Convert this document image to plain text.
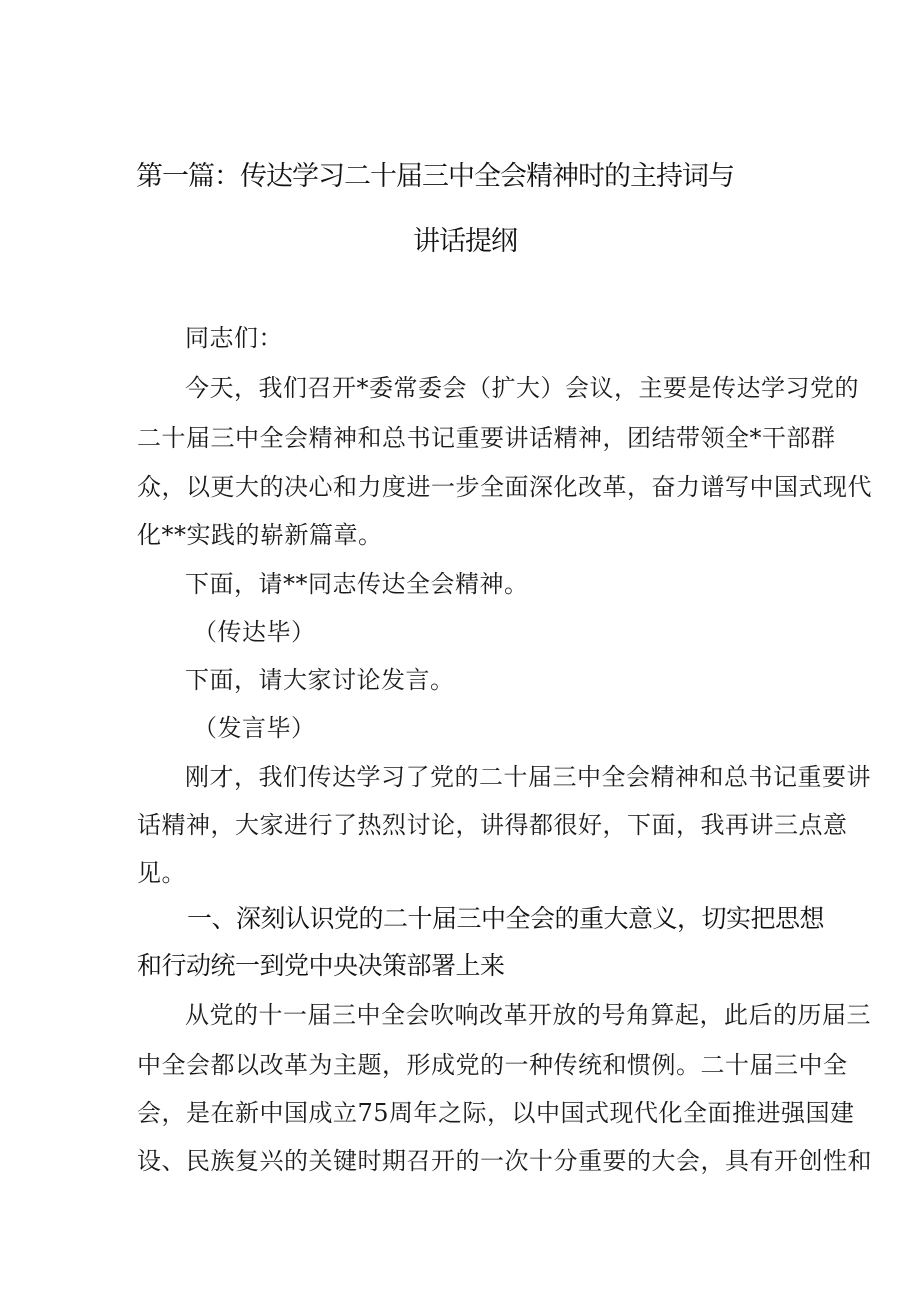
第一篇：传达学习二十届三中全会精神时的主持词与
讲话提纲
同志们：
今天，我们召开*委常委会（扩大）会议，主要是传达学习党的
二十届三中全会精神和总书记重要讲话精神，团结带领全*干部群
众，以更大的决心和力度进一步全面深化改革，奋力谱写中国式现代
化**实践的崭新篇章。
下面，请**同志传达全会精神。
（传达毕）
下面，请大家讨论发言。
（发言毕）
刚才，我们传达学习了党的二十届三中全会精神和总书记重要讲
话精神，大家进行了热烈讨论，讲得都很好，下面，我再讲三点意
见。
一、深刻认识党的二十届三中全会的重大意义，切实把思想
和行动统一到党中央决策部署上来
从党的十一届三中全会吹响改革开放的号角算起，此后的历届三
中全会都以改革为主题，形成党的一种传统和惯例。二十届三中全
会，是在新中国成立75周年之际，以中国式现代化全面推进强国建
设、民族复兴的关键时期召开的一次十分重要的大会，具有开创性和
